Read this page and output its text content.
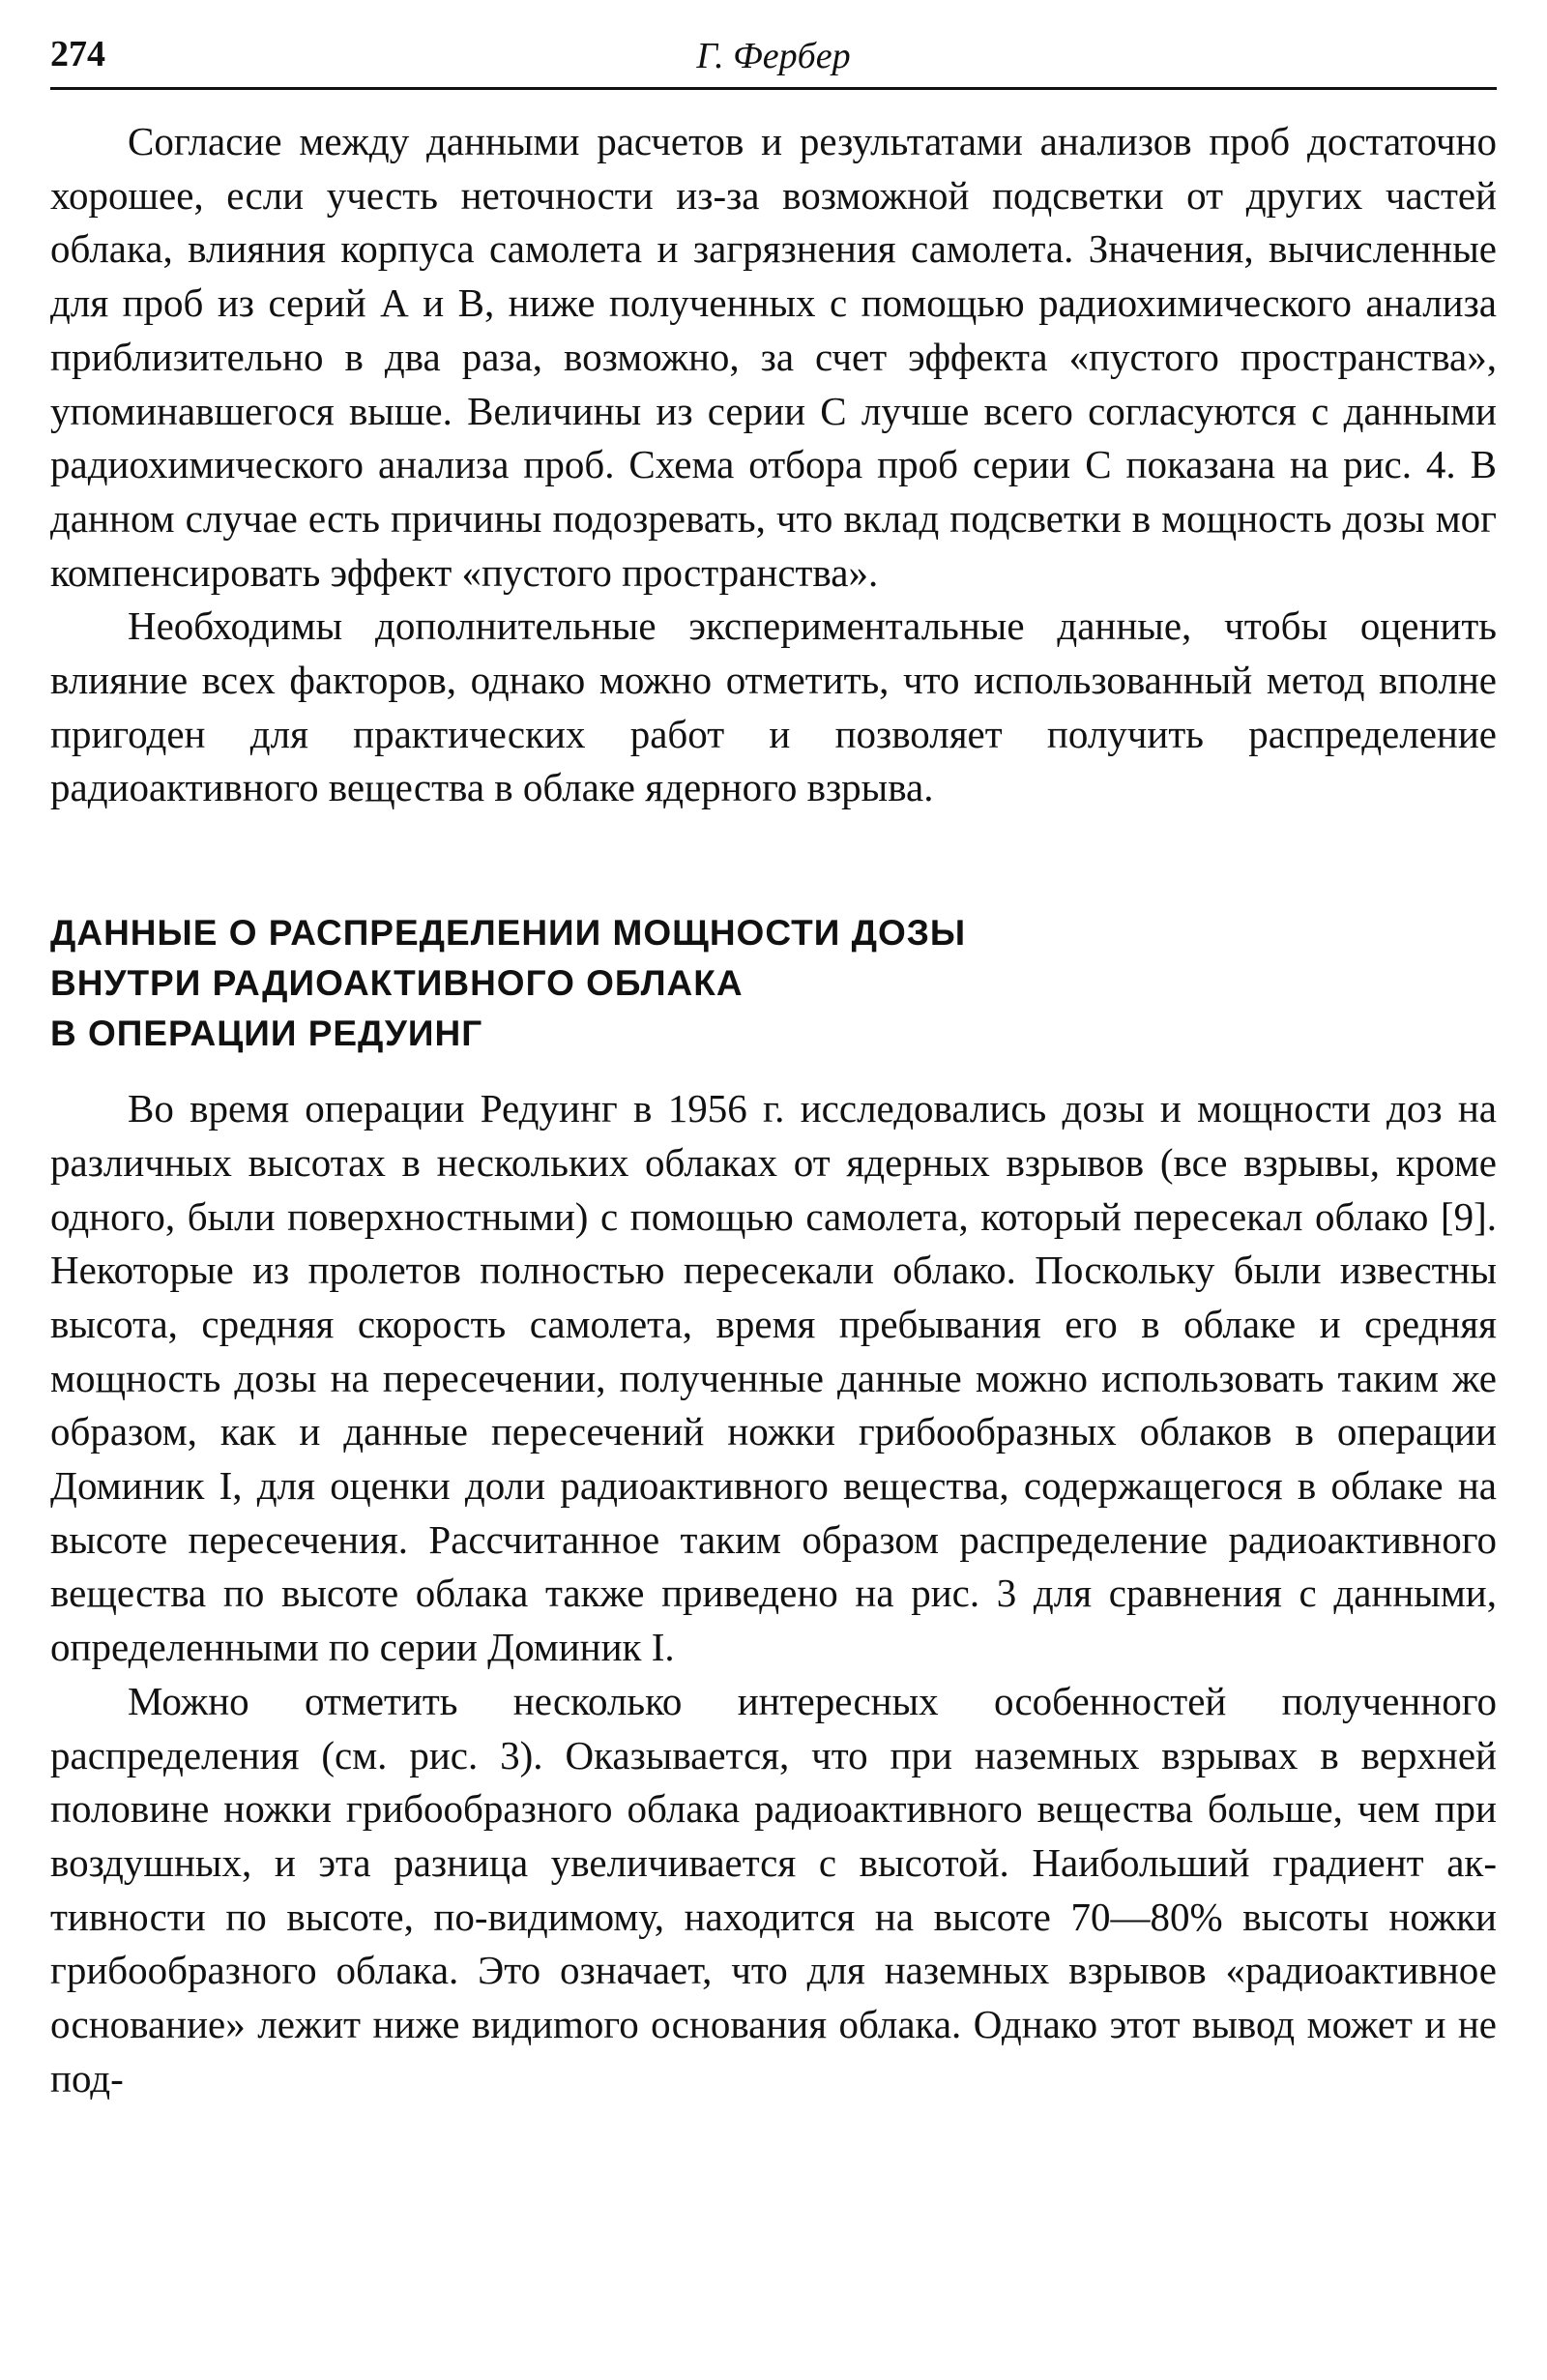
274	Г. Фербер

Согласие между данными расчетов и результатами анализов проб достаточно хорошее, если учесть неточности из-за возможной подсветки от других частей облака, влияния корпуса самолета и загрязнения самолета. Значения, вычисленные для проб из серий А и В, ниже полученных с помощью радиохимического анализа приблизительно в два раза, возможно, за счет эффекта «пустого пространства», упоминавшегося выше. Величины из серии С лучше всего согласуются с данными радиохимического анализа проб. Схема отбора проб серии С показана на рис. 4. В данном случае есть причины подозревать, что вклад подсветки в мощность дозы мог компенсировать эффект «пустого пространства».

Необходимы дополнительные экспериментальные данные, чтобы оценить влияние всех факторов, однако можно отметить, что использованный метод вполне пригоден для практических работ и позволяет получить распределение радиоактивного вещества в облаке ядерного взрыва.

ДАННЫЕ О РАСПРЕДЕЛЕНИИ МОЩНОСТИ ДОЗЫ
ВНУТРИ РАДИОАКТИВНОГО ОБЛАКА
В ОПЕРАЦИИ РЕДУИНГ

Во время операции Редуинг в 1956 г. исследовались дозы и мощности доз на различных высотах в нескольких облаках от ядерных взрывов (все взрывы, кроме одного, были поверхностными) с помощью самолета, который пересекал облако [9]. Некоторые из пролетов полностью пересекали облако. Поскольку были известны высота, средняя скорость самолета, время пребывания его в облаке и средняя мощность дозы на пересечении, полученные данные можно использовать таким же образом, как и данные пересечений ножки грибообразных облаков в операции Доминик I, для оценки доли радиоактивного вещества, содержащегося в облаке на высоте пересечения. Рассчитанное таким образом распределение радиоактивного вещества по высоте облака также приведено на рис. 3 для сравнения с данными, определенными по серии Доминик I.

Можно отметить несколько интересных особенностей полученного распределения (см. рис. 3). Оказывается, что при наземных взрывах в верхней половине ножки грибообразного облака радиоактивного вещества больше, чем при воздушных, и эта разница увеличивается с высотой. Наибольший градиент активности по высоте, по-видимому, находится на высоте 70—80% высоты ножки грибообразного облака. Это означает, что для наземных взрывов «радиоактивное основание» лежит ниже видиmого основания облака. Однако этот вывод может и не под-
